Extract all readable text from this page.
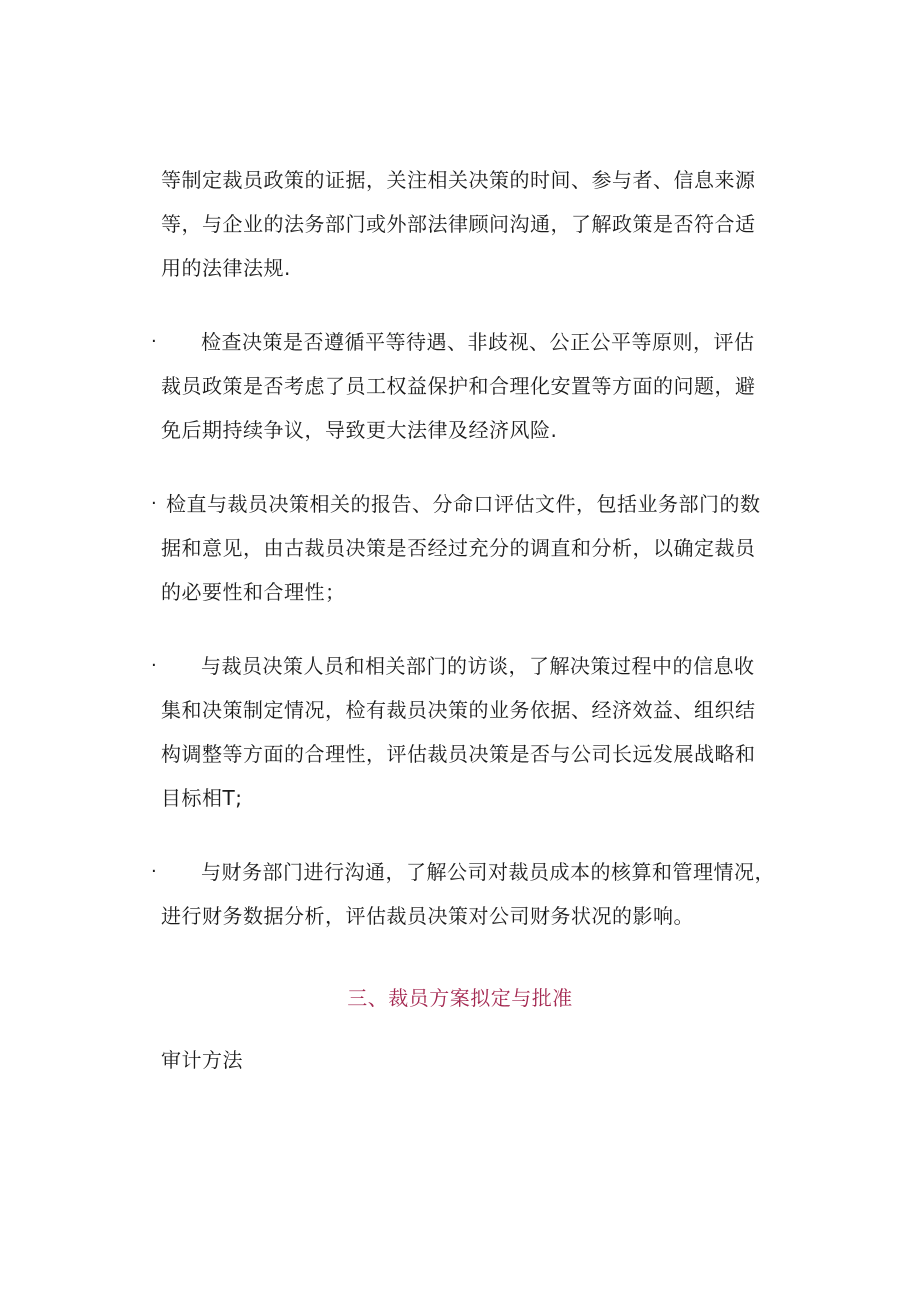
等制定裁员政策的证据，关注相关决策的时间、参与者、信息来源
等，与企业的法务部门或外部法律顾问沟通，了解政策是否符合适
用的法律法规.
·	检查决策是否遵循平等待遇、非歧视、公正公平等原则，评估
裁员政策是否考虑了员工权益保护和合理化安置等方面的问题，避
免后期持续争议，导致更大法律及经济风险.
· 检直与裁员决策相关的报告、分命口评估文件，包括业务部门的数
据和意见，由古裁员决策是否经过充分的调直和分析，以确定裁员
的必要性和合理性；
·	与裁员决策人员和相关部门的访谈，了解决策过程中的信息收
集和决策制定情况，检有裁员决策的业务依据、经济效益、组织结
构调整等方面的合理性，评估裁员决策是否与公司长远发展战略和
目标相T;
·	与财务部门进行沟通，了解公司对裁员成本的核算和管理情况，
进行财务数据分析，评估裁员决策对公司财务状况的影响。
三、裁员方案拟定与批准
审计方法
